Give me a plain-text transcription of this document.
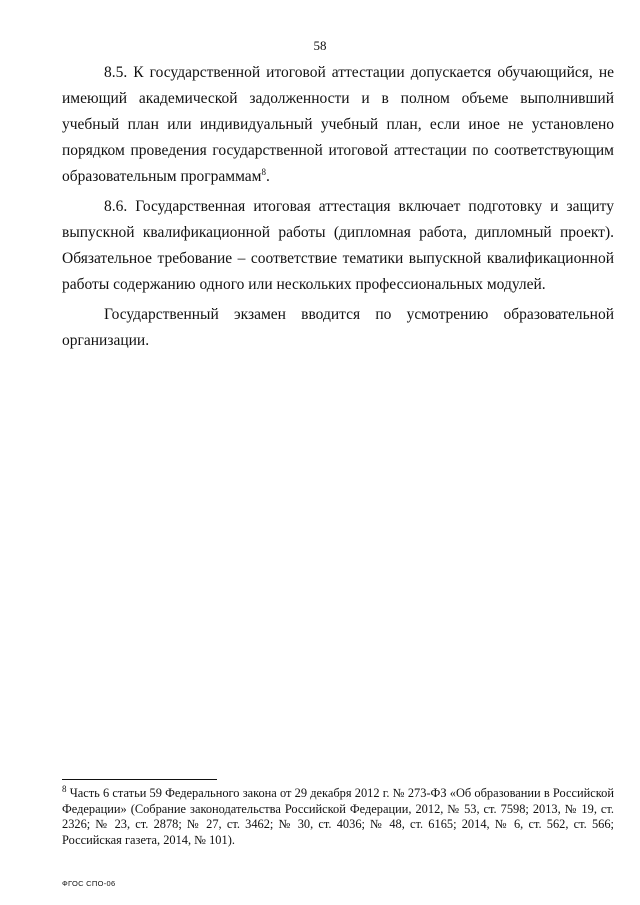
58

8.5. К государственной итоговой аттестации допускается обучающийся, не имеющий академической задолженности и в полном объеме выполнивший учебный план или индивидуальный учебный план, если иное не установлено порядком проведения государственной итоговой аттестации по соответствующим образовательным программам$^8$.

8.6. Государственная итоговая аттестация включает подготовку и защиту выпускной квалификационной работы (дипломная работа, дипломный проект). Обязательное требование – соответствие тематики выпускной квалификационной работы содержанию одного или нескольких профессиональных модулей.

Государственный экзамен вводится по усмотрению образовательной организации.

$^8$ Часть 6 статьи 59 Федерального закона от 29 декабря 2012 г. № 273-ФЗ «Об образовании в Российской Федерации» (Собрание законодательства Российской Федерации, 2012, № 53, ст. 7598; 2013, № 19, ст. 2326; № 23, ст. 2878; № 27, ст. 3462; № 30, ст. 4036; № 48, ст. 6165; 2014, № 6, ст. 562, ст. 566; Российская газета, 2014, № 101).

ФГОС СПО-06
